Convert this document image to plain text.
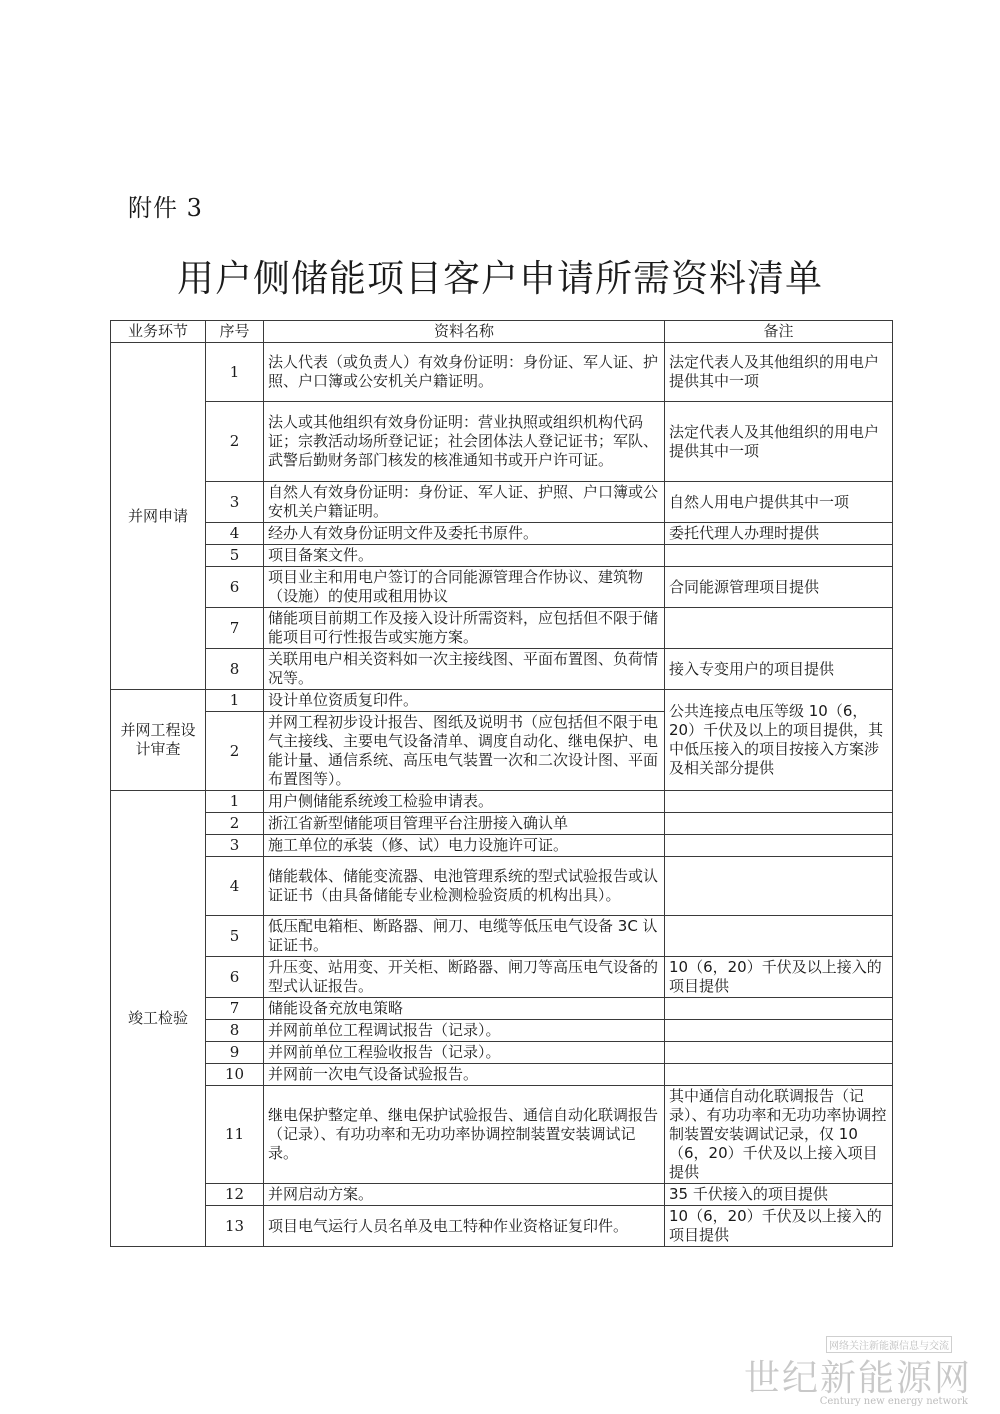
附件 3
用户侧储能项目客户申请所需资料清单
业务环节	序号	资料名称	备注
并网申请	1	法人代表（或负责人）有效身份证明：身份证、军人证、护照、户口簿或公安机关户籍证明。	法定代表人及其他组织的用电户提供其中一项
	2	法人或其他组织有效身份证明：营业执照或组织机构代码证；宗教活动场所登记证；社会团体法人登记证书；军队、武警后勤财务部门核发的核准通知书或开户许可证。	法定代表人及其他组织的用电户提供其中一项
	3	自然人有效身份证明：身份证、军人证、护照、户口簿或公安机关户籍证明。	自然人用电户提供其中一项
	4	经办人有效身份证明文件及委托书原件。	委托代理人办理时提供
	5	项目备案文件。	
	6	项目业主和用电户签订的合同能源管理合作协议、建筑物（设施）的使用或租用协议	合同能源管理项目提供
	7	储能项目前期工作及接入设计所需资料，应包括但不限于储能项目可行性报告或实施方案。	
	8	关联用电户相关资料如一次主接线图、平面布置图、负荷情况等。	接入专变用户的项目提供
并网工程设计审查	1	设计单位资质复印件。	公共连接点电压等级 10（6，20）千伏及以上的项目提供，其中低压接入的项目按接入方案涉及相关部分提供
	2	并网工程初步设计报告、图纸及说明书（应包括但不限于电气主接线、主要电气设备清单、调度自动化、继电保护、电能计量、通信系统、高压电气装置一次和二次设计图、平面布置图等）。	
竣工检验	1	用户侧储能系统竣工检验申请表。	
	2	浙江省新型储能项目管理平台注册接入确认单	
	3	施工单位的承装（修、试）电力设施许可证。	
	4	储能载体、储能变流器、电池管理系统的型式试验报告或认证证书（由具备储能专业检测检验资质的机构出具）。	
	5	低压配电箱柜、断路器、闸刀、电缆等低压电气设备 3C 认证证书。	
	6	升压变、站用变、开关柜、断路器、闸刀等高压电气设备的型式认证报告。	10（6，20）千伏及以上接入的项目提供
	7	储能设备充放电策略	
	8	并网前单位工程调试报告（记录）。	
	9	并网前单位工程验收报告（记录）。	
	10	并网前一次电气设备试验报告。	
	11	继电保护整定单、继电保护试验报告、通信自动化联调报告（记录）、有功功率和无功功率协调控制装置安装调试记录。	其中通信自动化联调报告（记录）、有功功率和无功功率协调控制装置安装调试记录，仅 10（6，20）千伏及以上接入项目提供
	12	并网启动方案。	35 千伏接入的项目提供
	13	项目电气运行人员名单及电工特种作业资格证复印件。	10（6，20）千伏及以上接入的项目提供
网络关注新能源信息与交流
世纪新能源网
Century new energy network
